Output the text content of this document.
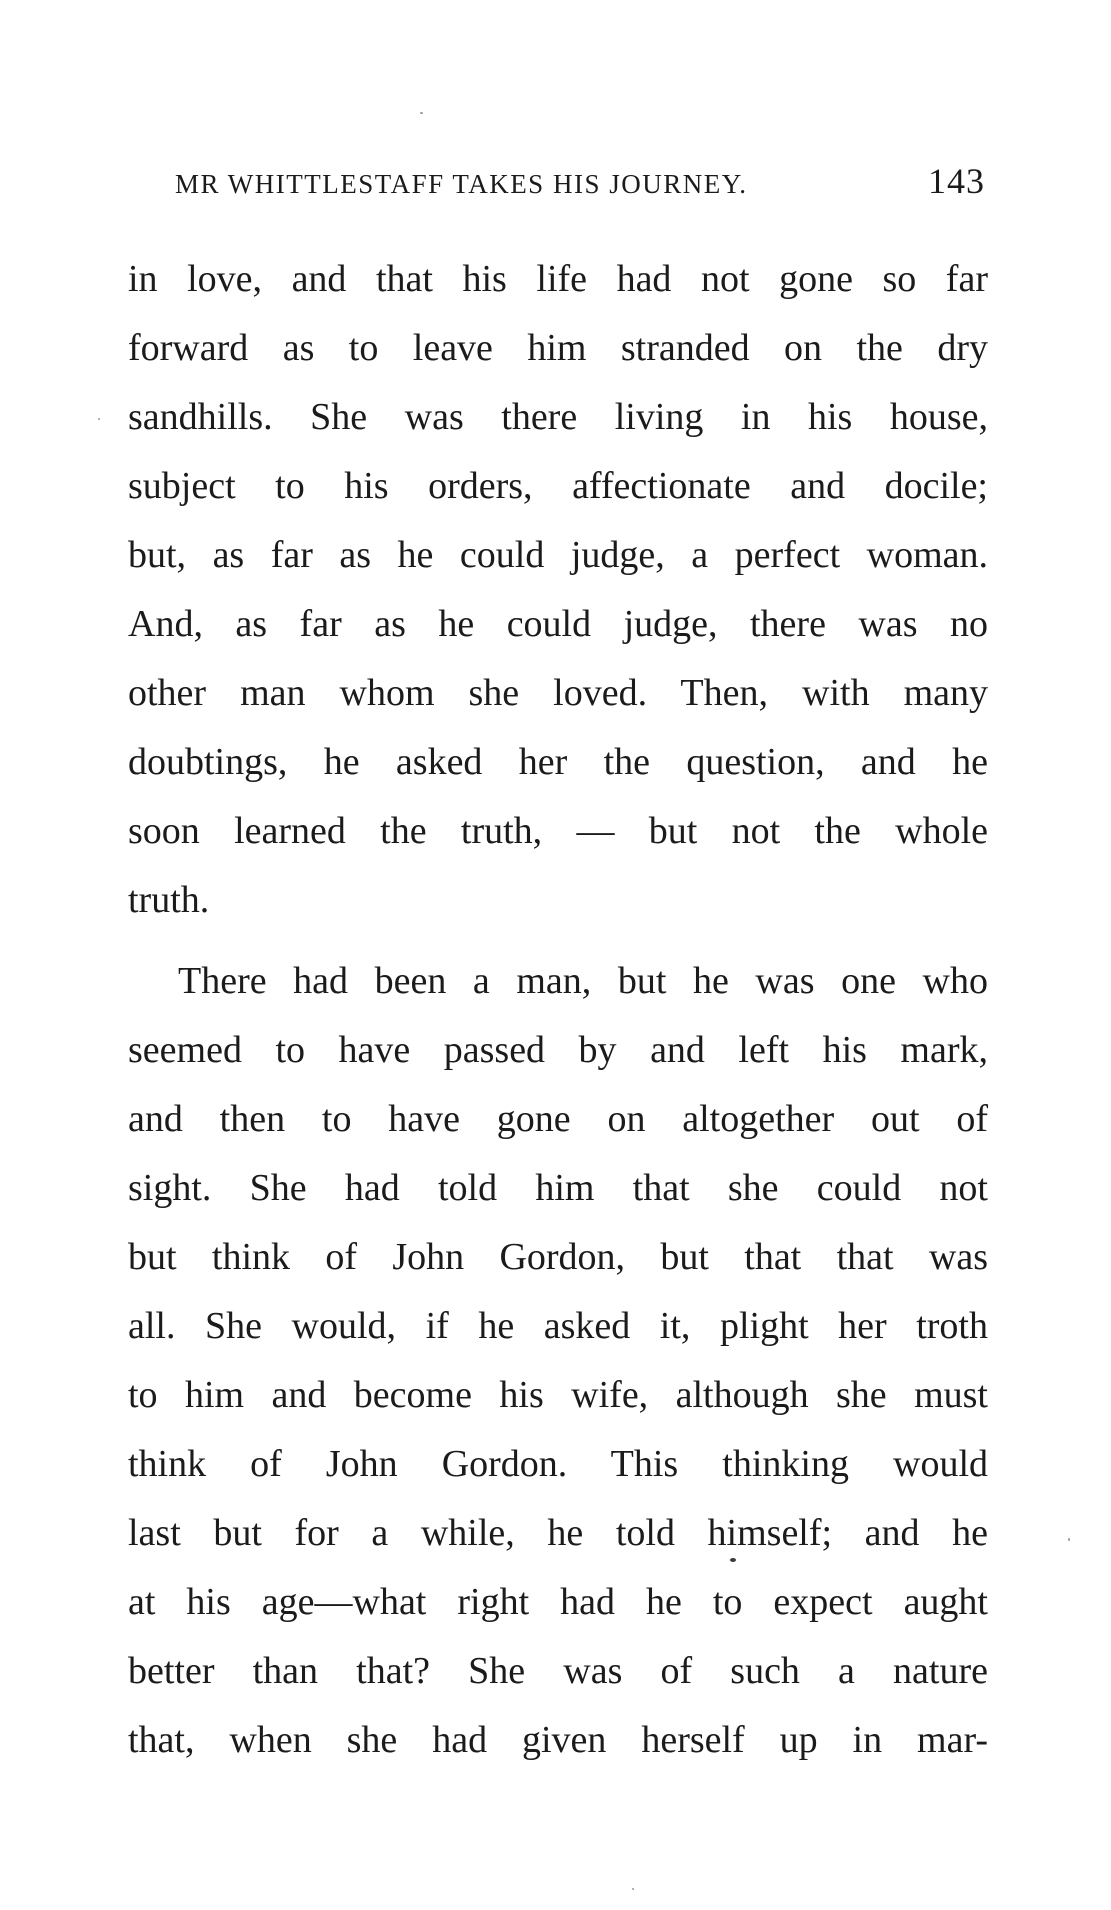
MR WHITTLESTAFF TAKES HIS JOURNEY.	143
in love, and that his life had not gone so far
forward as to leave him stranded on the dry
sandhills. She was there living in his house,
subject to his orders, affectionate and docile;
but, as far as he could judge, a perfect woman.
And, as far as he could judge, there was no
other man whom she loved. Then, with many
doubtings, he asked her the question, and he
soon learned the truth, — but not the whole
truth.
There had been a man, but he was one who
seemed to have passed by and left his mark,
and then to have gone on altogether out of
sight. She had told him that she could not
but think of John Gordon, but that that was
all. She would, if he asked it, plight her troth
to him and become his wife, although she must
think of John Gordon. This thinking would
last but for a while, he told himself; and he
at his age—what right had he to expect aught
better than that? She was of such a nature
that, when she had given herself up in mar-
